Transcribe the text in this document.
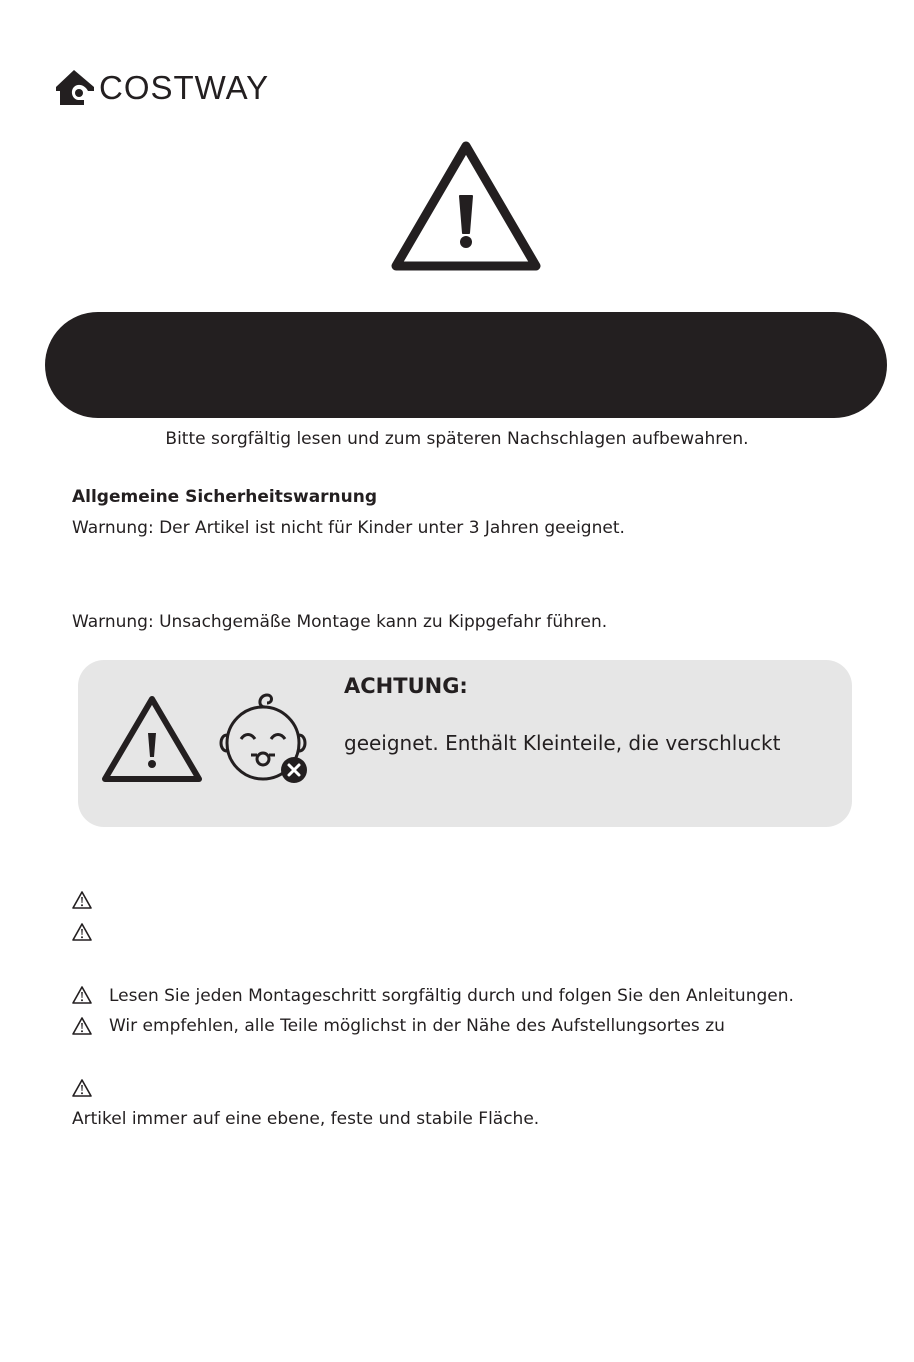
COSTWAY
Bitte sorgfältig lesen und zum späteren Nachschlagen aufbewahren.
Allgemeine Sicherheitswarnung
Warnung: Der Artikel ist nicht für Kinder unter 3 Jahren geeignet.
Warnung: Unsachgemäße Montage kann zu Kippgefahr führen.
ACHTUNG:
geeignet. Enthält Kleinteile, die verschluckt
Lesen Sie jeden Montageschritt sorgfältig durch und folgen Sie den Anleitungen.
Wir empfehlen, alle Teile möglichst in der Nähe des Aufstellungsortes zu
Artikel immer auf eine ebene, feste und stabile Fläche.
